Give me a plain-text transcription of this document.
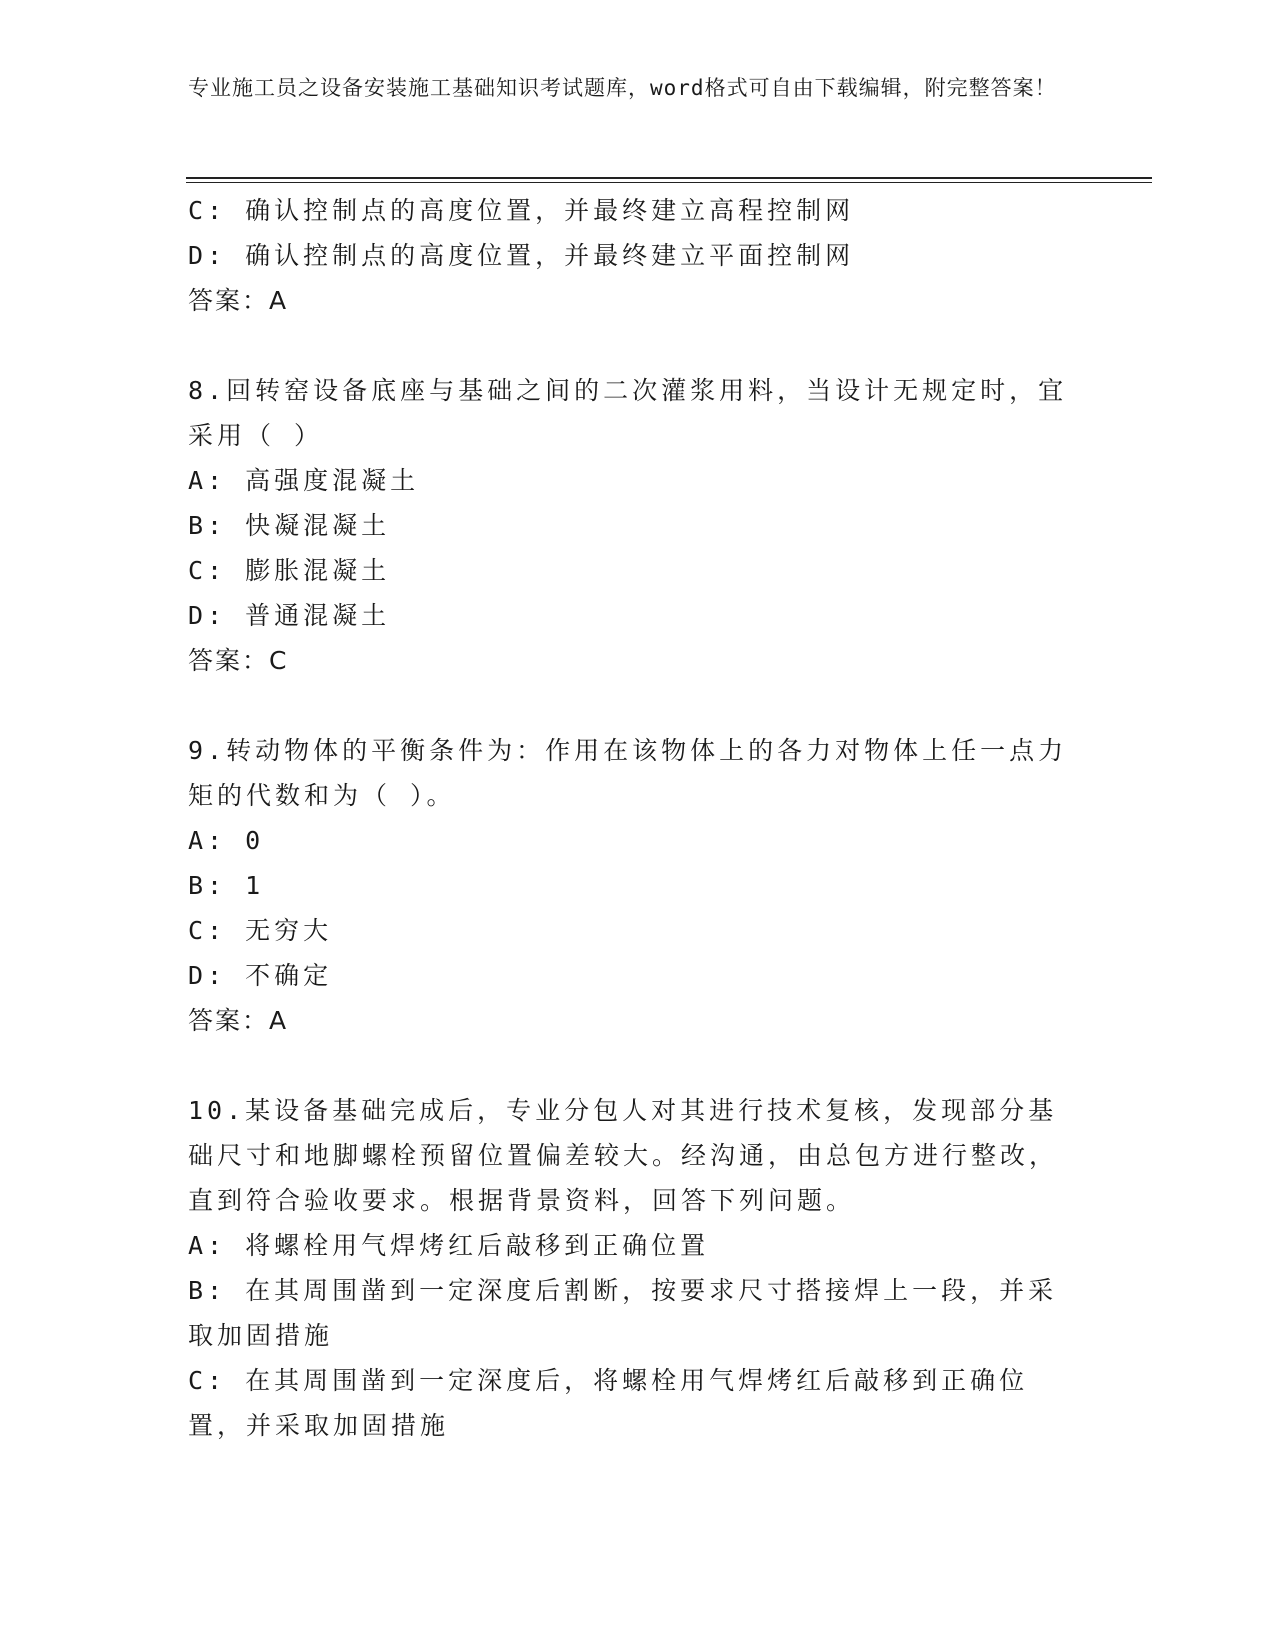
专业施工员之设备安装施工基础知识考试题库，word格式可自由下载编辑，附完整答案！
C: 确认控制点的高度位置，并最终建立高程控制网
D: 确认控制点的高度位置，并最终建立平面控制网
答案：A
8.回转窑设备底座与基础之间的二次灌浆用料，当设计无规定时，宜采用（ ）
A: 高强度混凝土
B: 快凝混凝土
C: 膨胀混凝土
D: 普通混凝土
答案：C
9.转动物体的平衡条件为：作用在该物体上的各力对物体上任一点力矩的代数和为（ ）。
A: 0
B: 1
C: 无穷大
D: 不确定
答案：A
10.某设备基础完成后，专业分包人对其进行技术复核，发现部分基础尺寸和地脚螺栓预留位置偏差较大。经沟通，由总包方进行整改，直到符合验收要求。根据背景资料，回答下列问题。
A: 将螺栓用气焊烤红后敲移到正确位置
B: 在其周围凿到一定深度后割断，按要求尺寸搭接焊上一段，并采取加固措施
C: 在其周围凿到一定深度后，将螺栓用气焊烤红后敲移到正确位置，并采取加固措施
